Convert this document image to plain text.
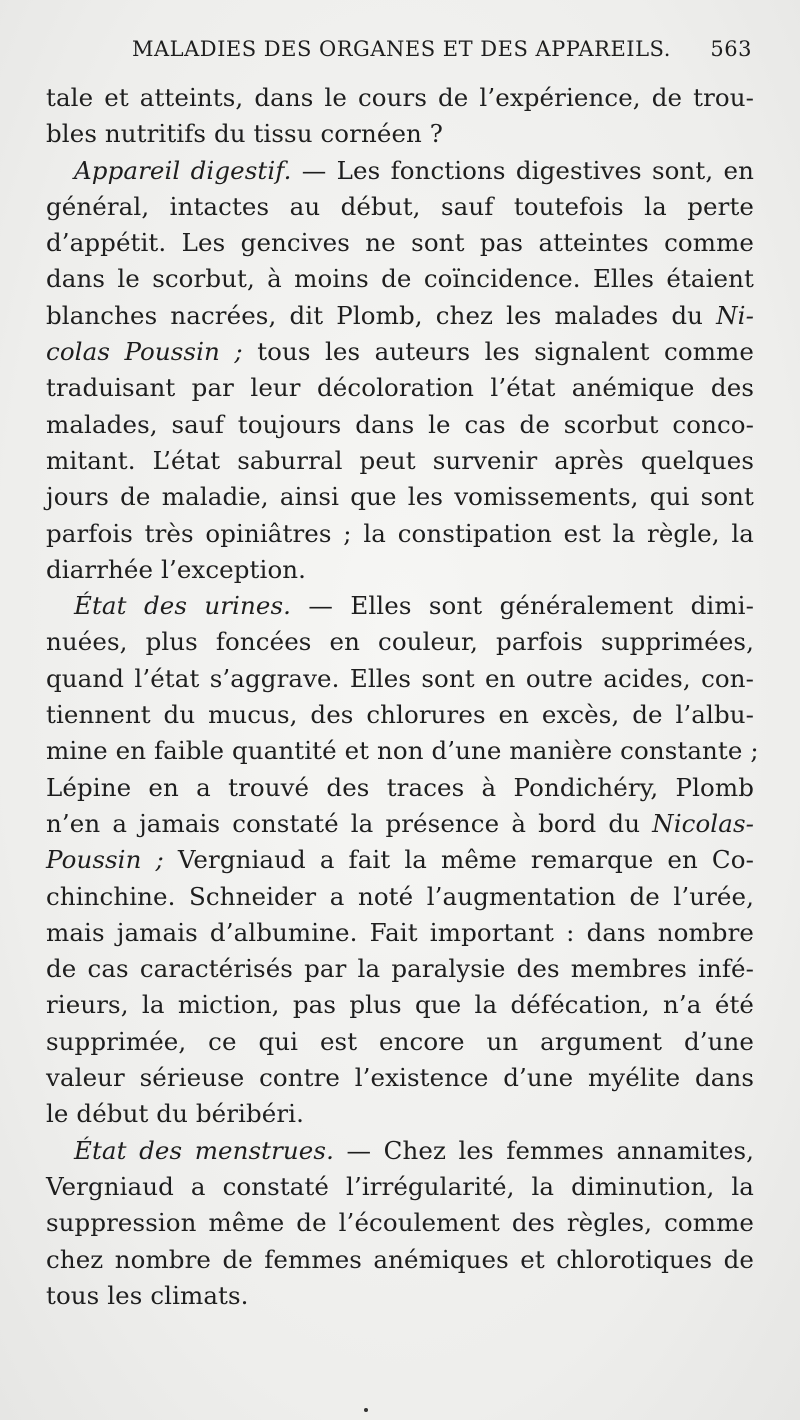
MALADIES DES ORGANES ET DES APPAREILS. 563
tale et atteints, dans le cours de l’expérience, de trou-
bles nutritifs du tissu cornéen ?
Appareil digestif. — Les fonctions digestives sont, en
général, intactes au début, sauf toutefois la perte
d’appétit. Les gencives ne sont pas atteintes comme
dans le scorbut, à moins de coïncidence. Elles étaient
blanches nacrées, dit Plomb, chez les malades du Ni-
colas Poussin ; tous les auteurs les signalent comme
traduisant par leur décoloration l’état anémique des
malades, sauf toujours dans le cas de scorbut conco-
mitant. L’état saburral peut survenir après quelques
jours de maladie, ainsi que les vomissements, qui sont
parfois très opiniâtres ; la constipation est la règle, la
diarrhée l’exception.
État des urines. — Elles sont généralement dimi-
nuées, plus foncées en couleur, parfois supprimées,
quand l’état s’aggrave. Elles sont en outre acides, con-
tiennent du mucus, des chlorures en excès, de l’albu-
mine en faible quantité et non d’une manière constante ;
Lépine en a trouvé des traces à Pondichéry, Plomb
n’en a jamais constaté la présence à bord du Nicolas-
Poussin ; Vergniaud a fait la même remarque en Co-
chinchine. Schneider a noté l’augmentation de l’urée,
mais jamais d’albumine. Fait important : dans nombre
de cas caractérisés par la paralysie des membres infé-
rieurs, la miction, pas plus que la défécation, n’a été
supprimée, ce qui est encore un argument d’une
valeur sérieuse contre l’existence d’une myélite dans
le début du béribéri.
État des menstrues. — Chez les femmes annamites,
Vergniaud a constaté l’irrégularité, la diminution, la
suppression même de l’écoulement des règles, comme
chez nombre de femmes anémiques et chlorotiques de
tous les climats.
